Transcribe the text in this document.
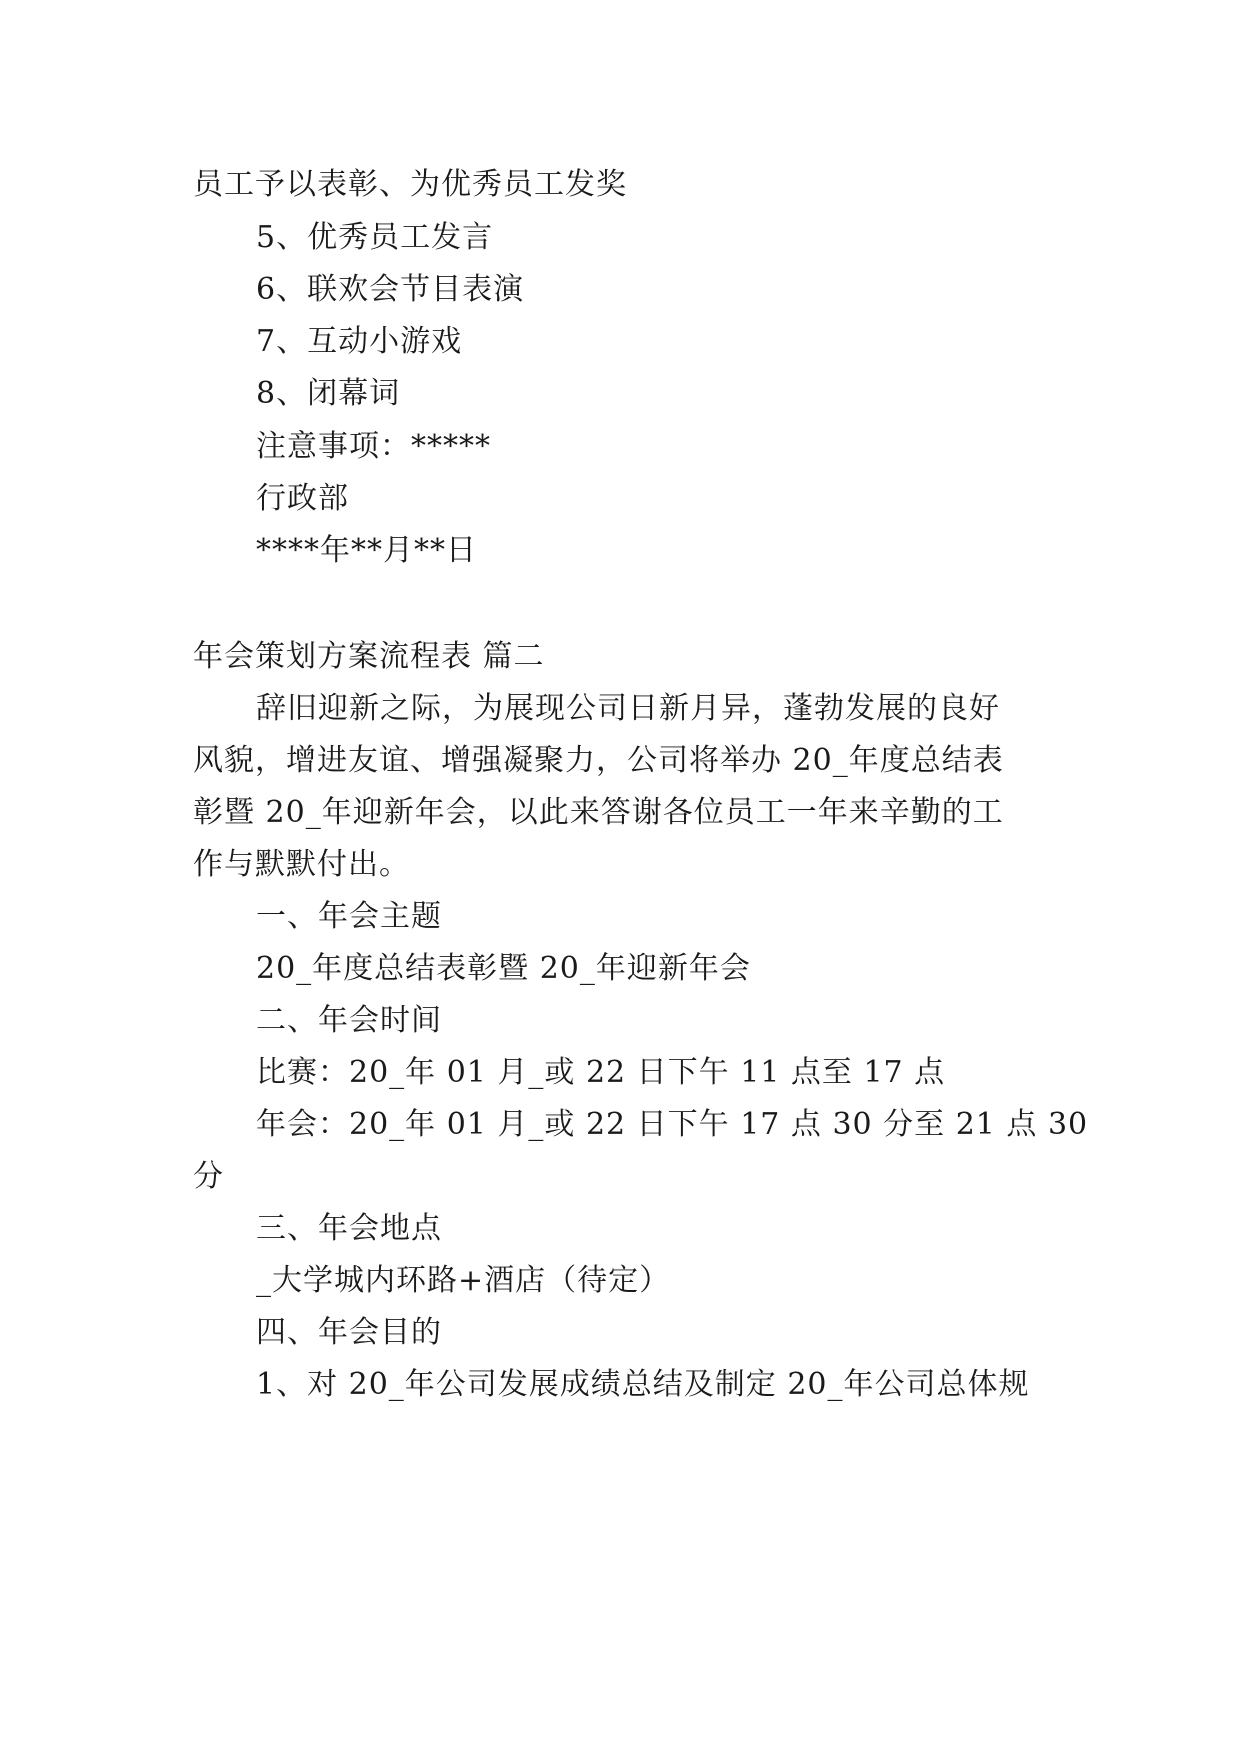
员工予以表彰、为优秀员工发奖
5、优秀员工发言
6、联欢会节目表演
7、互动小游戏
8、闭幕词
注意事项：*****
行政部
****年**月**日
年会策划方案流程表 篇二
辞旧迎新之际，为展现公司日新月异，蓬勃发展的良好
风貌，增进友谊、增强凝聚力，公司将举办 20_年度总结表
彰暨 20_年迎新年会，以此来答谢各位员工一年来辛勤的工
作与默默付出。
一、年会主题
20_年度总结表彰暨 20_年迎新年会
二、年会时间
比赛：20_年 01 月_或 22 日下午 11 点至 17 点
年会：20_年 01 月_或 22 日下午 17 点 30 分至 21 点 30
分
三、年会地点
_大学城内环路+酒店（待定）
四、年会目的
1、对 20_年公司发展成绩总结及制定 20_年公司总体规
